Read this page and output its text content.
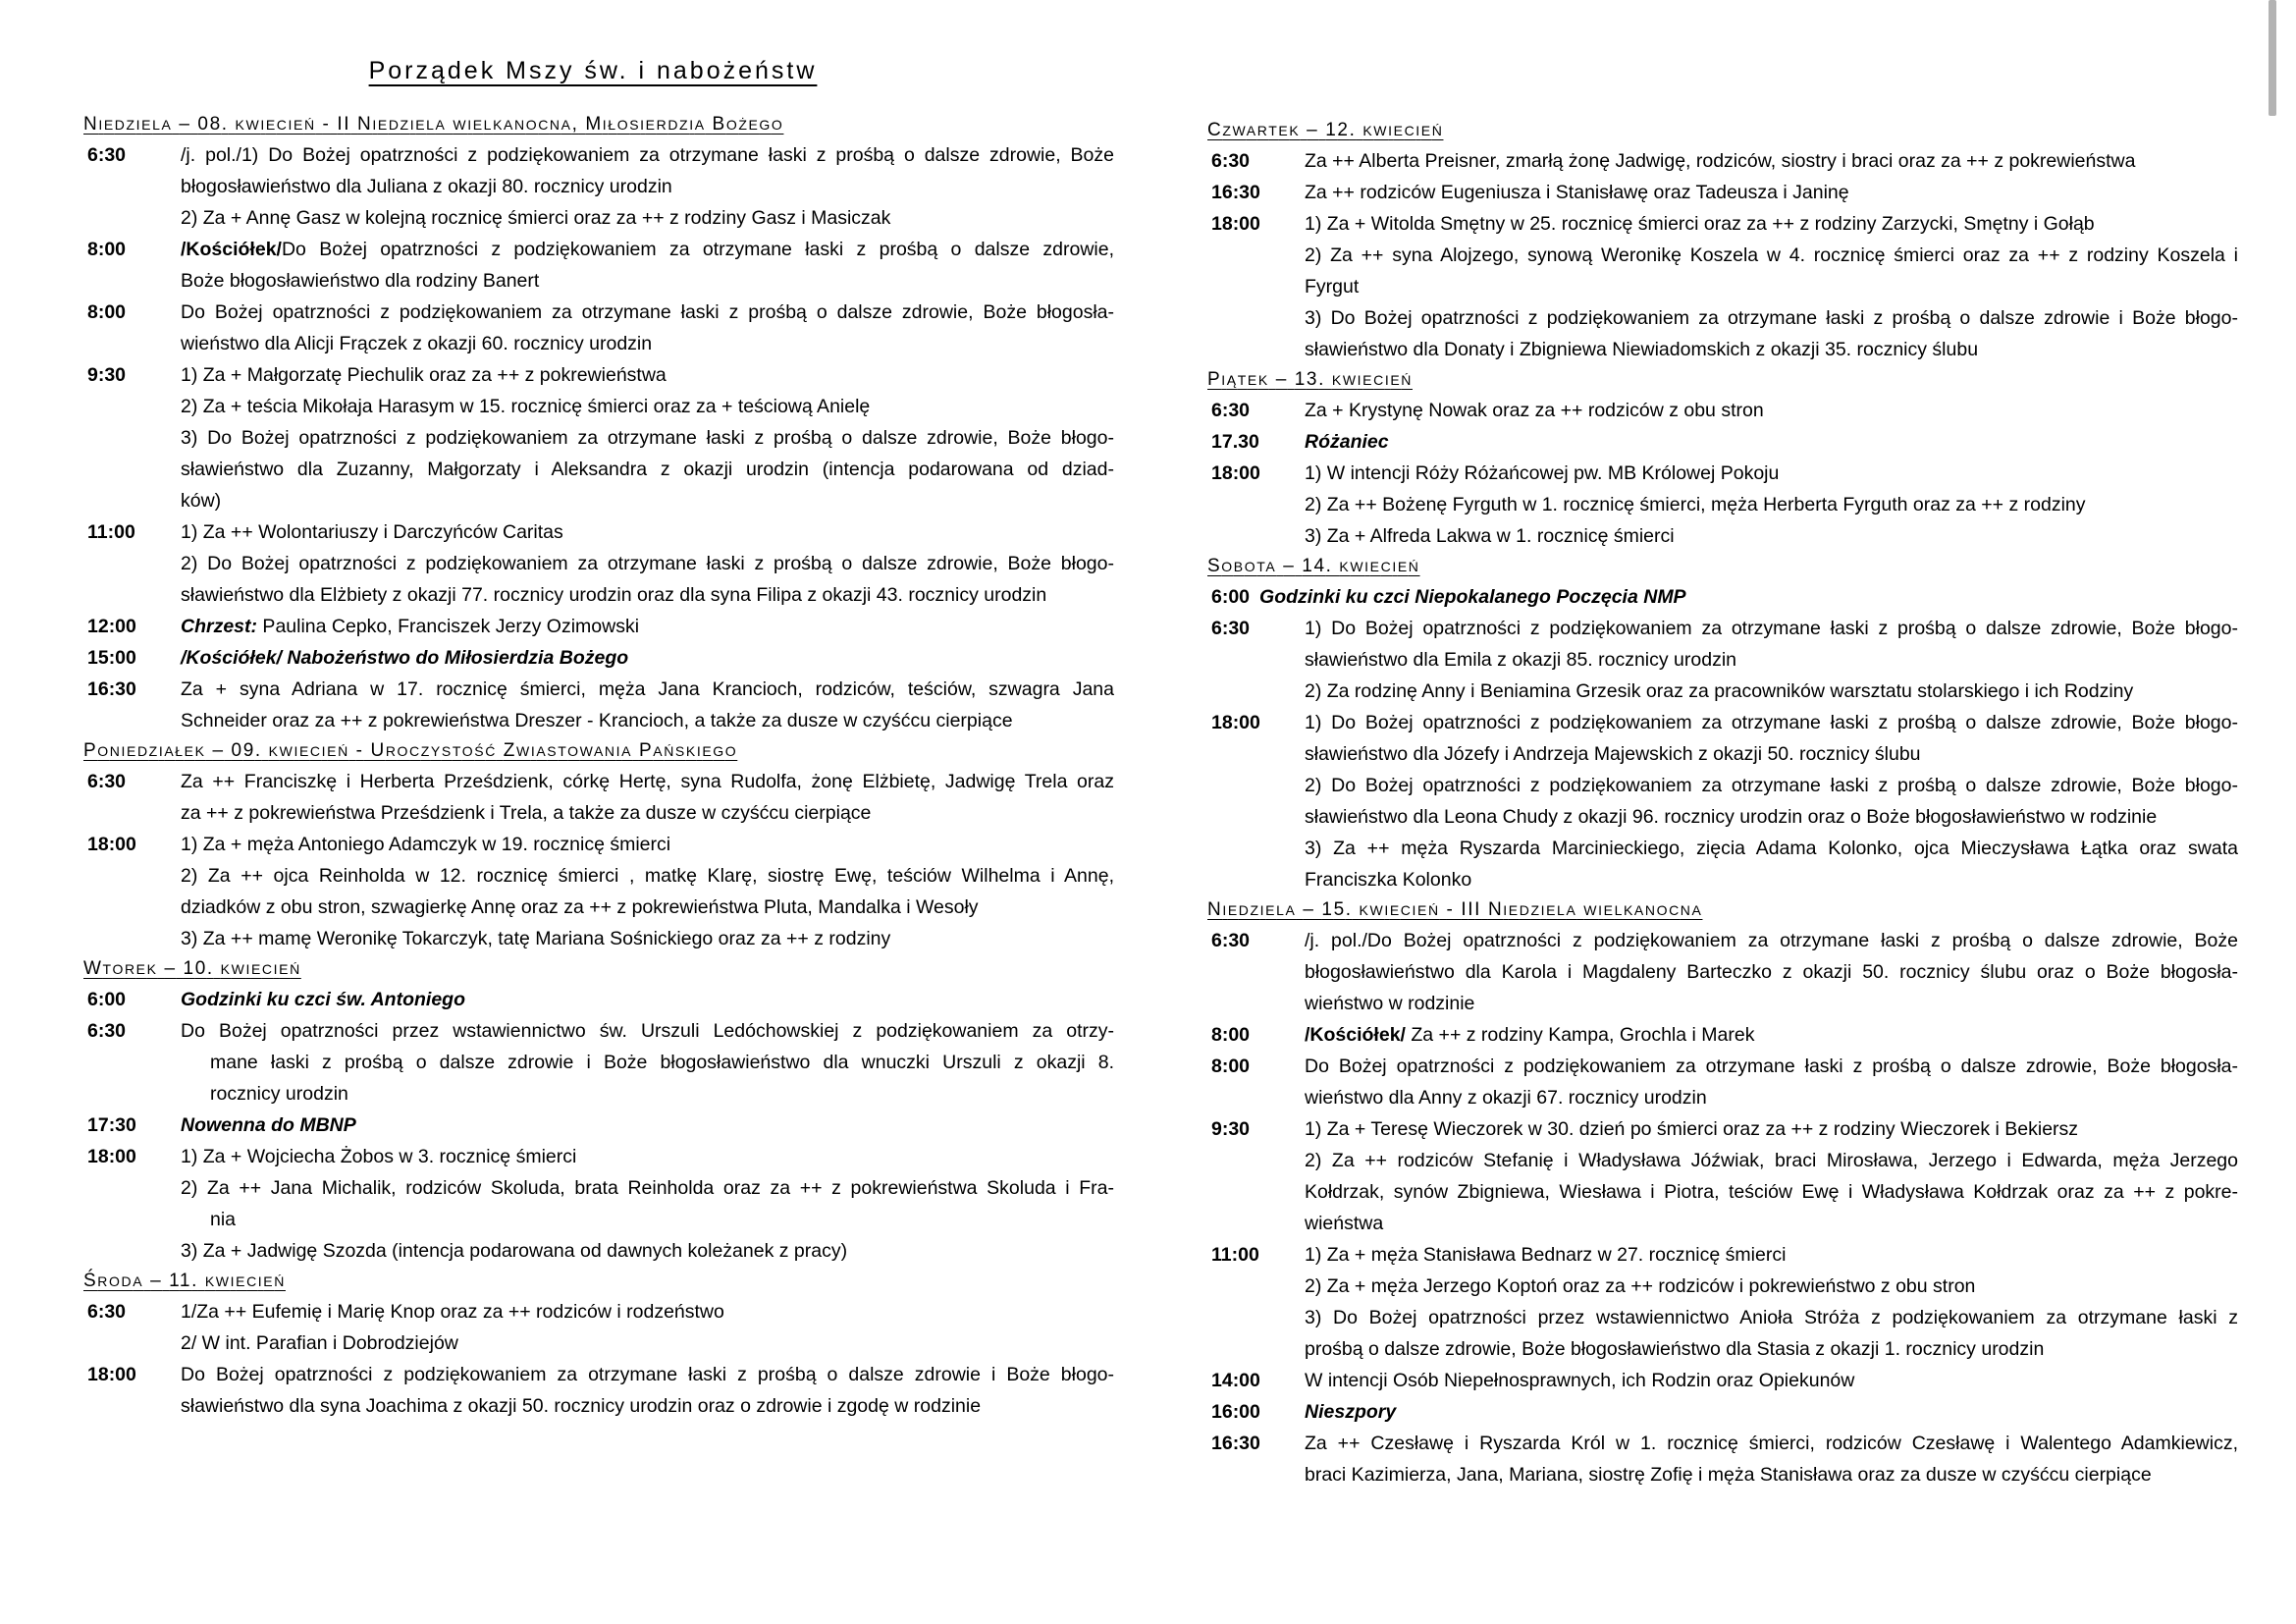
Porządek Mszy św. i nabożeństw
NIEDZIELA – 08. KWIECIEŃ - II NIEDZIELA WIELKANOCNA, MIŁOSIERDZIA BOŻEGO
6:30	/j. pol./1) Do Bożej opatrzności z podziękowaniem za otrzymane łaski z prośbą o dalsze zdrowie, Boże
błogosławieństwo dla Juliana z okazji 80. rocznicy urodzin
2) Za + Annę Gasz w kolejną rocznicę śmierci oraz za ++ z rodziny Gasz i Masiczak
8:00	/Kościółek/Do Bożej opatrzności z podziękowaniem za otrzymane łaski z prośbą o dalsze zdrowie,
Boże błogosławieństwo dla rodziny Banert
8:00	Do Bożej opatrzności z podziękowaniem za otrzymane łaski z prośbą o dalsze zdrowie, Boże błogosła-
wieństwo dla Alicji Frączek z okazji 60. rocznicy urodzin
9:30	1) Za + Małgorzatę Piechulik oraz za ++ z pokrewieństwa
2) Za + teścia Mikołaja Harasym w 15. rocznicę śmierci oraz za + teściową Anielę
3) Do Bożej opatrzności z podziękowaniem za otrzymane łaski z prośbą o dalsze zdrowie, Boże błogo-
sławieństwo dla Zuzanny, Małgorzaty i Aleksandra z okazji urodzin (intencja podarowana od dziad-
ków)
11:00	1) Za ++ Wolontariuszy i Darczyńców Caritas
2) Do Bożej opatrzności z podziękowaniem za otrzymane łaski z prośbą o dalsze zdrowie, Boże błogo-
sławieństwo dla Elżbiety z okazji 77. rocznicy urodzin oraz dla syna Filipa z okazji 43. rocznicy urodzin
12:00	Chrzest: Paulina Cepko, Franciszek Jerzy Ozimowski
15:00	/Kościółek/ Nabożeństwo do Miłosierdzia Bożego
16:30	Za + syna Adriana w 17. rocznicę śmierci, męża Jana Krancioch, rodziców, teściów, szwagra Jana
Schneider oraz za ++ z pokrewieństwa Dreszer - Krancioch, a także za dusze w czyśćcu cierpiące
PONIEDZIAŁEK – 09. KWIECIEŃ - UROCZYSTOŚĆ ZWIASTOWANIA PAŃSKIEGO
6:30	Za ++ Franciszkę i Herberta Prześdzienk, córkę Hertę, syna Rudolfa, żonę Elżbietę, Jadwigę Trela oraz
za ++ z pokrewieństwa Prześdzienk i Trela, a także za dusze w czyśćcu cierpiące
18:00	1) Za + męża Antoniego Adamczyk w 19. rocznicę śmierci
2) Za ++ ojca Reinholda w 12. rocznicę śmierci , matkę Klarę, siostrę Ewę, teściów Wilhelma i Annę,
dziadków z obu stron, szwagierkę Annę oraz za ++ z pokrewieństwa Pluta, Mandalka i Wesoły
3) Za ++ mamę Weronikę Tokarczyk, tatę Mariana Sośnickiego oraz za ++ z rodziny
WTOREK – 10. KWIECIEŃ
6:00	Godzinki ku czci św. Antoniego
6:30	Do Bożej opatrzności przez wstawiennictwo św. Urszuli Ledóchowskiej z podziękowaniem za otrzy-
mane łaski z prośbą o dalsze zdrowie i Boże błogosławieństwo dla wnuczki Urszuli z okazji 8.
rocznicy urodzin
17:30	Nowenna do MBNP
18:00	1) Za + Wojciecha Żobos w 3. rocznicę śmierci
2) Za ++ Jana Michalik, rodziców Skoluda, brata Reinholda oraz za ++ z pokrewieństwa Skoluda i Fra-
nia
3) Za + Jadwigę Szozda (intencja podarowana od dawnych koleżanek z pracy)
ŚRODA – 11. KWIECIEŃ
6:30	1/Za ++ Eufemię i Marię Knop oraz za ++ rodziców i rodzeństwo
2/ W int. Parafian i Dobrodziejów
18:00	Do Bożej opatrzności z podziękowaniem za otrzymane łaski z prośbą o dalsze zdrowie i Boże błogo-
sławieństwo dla syna Joachima z okazji 50. rocznicy urodzin oraz o zdrowie i zgodę w rodzinie
CZWARTEK – 12. KWIECIEŃ
6:30	Za ++ Alberta Preisner, zmarłą żonę Jadwigę, rodziców, siostry i braci oraz za ++ z pokrewieństwa
16:30	Za ++ rodziców Eugeniusza i Stanisławę oraz Tadeusza i Janinę
18:00	1) Za + Witolda Smętny w 25. rocznicę śmierci oraz za ++ z rodziny Zarzycki, Smętny i Gołąb
2) Za ++ syna Alojzego, synową Weronikę Koszela w 4. rocznicę śmierci oraz za ++ z rodziny Koszela i
Fyrgut
3) Do Bożej opatrzności z podziękowaniem za otrzymane łaski z prośbą o dalsze zdrowie i Boże błogo-
sławieństwo dla Donaty i Zbigniewa Niewiadomskich z okazji 35. rocznicy ślubu
PIĄTEK – 13. KWIECIEŃ
6:30	Za + Krystynę Nowak oraz za ++ rodziców z obu stron
17.30	Różaniec
18:00	1) W intencji Róży Różańcowej pw. MB Królowej Pokoju
2) Za ++ Bożenę Fyrguth w 1. rocznicę śmierci, męża Herberta Fyrguth oraz za ++ z rodziny
3) Za + Alfreda Lakwa w 1. rocznicę śmierci
SOBOTA – 14. KWIECIEŃ
6:00 Godzinki ku czci Niepokalanego Poczęcia NMP
6:30	1) Do Bożej opatrzności z podziękowaniem za otrzymane łaski z prośbą o dalsze zdrowie, Boże błogo-
sławieństwo dla Emila z okazji 85. rocznicy urodzin
2) Za rodzinę Anny i Beniamina Grzesik oraz za pracowników warsztatu stolarskiego i ich Rodziny
18:00	1) Do Bożej opatrzności z podziękowaniem za otrzymane łaski z prośbą o dalsze zdrowie, Boże błogo-
sławieństwo dla Józefy i Andrzeja Majewskich z okazji 50. rocznicy ślubu
2) Do Bożej opatrzności z podziękowaniem za otrzymane łaski z prośbą o dalsze zdrowie, Boże błogo-
sławieństwo dla Leona Chudy z okazji 96. rocznicy urodzin oraz o Boże błogosławieństwo w rodzinie
3) Za ++ męża Ryszarda Marcinieckiego, zięcia Adama Kolonko, ojca Mieczysława Łątka oraz swata
Franciszka Kolonko
NIEDZIELA – 15. KWIECIEŃ - III NIEDZIELA WIELKANOCNA
6:30	/j. pol./Do Bożej opatrzności z podziękowaniem za otrzymane łaski z prośbą o dalsze zdrowie, Boże
błogosławieństwo dla Karola i Magdaleny Barteczko z okazji 50. rocznicy ślubu oraz o Boże błogosła-
wieństwo w rodzinie
8:00	/Kościółek/ Za ++ z rodziny Kampa, Grochla i Marek
8:00	Do Bożej opatrzności z podziękowaniem za otrzymane łaski z prośbą o dalsze zdrowie, Boże błogosła-
wieństwo dla Anny z okazji 67. rocznicy urodzin
9:30	1) Za + Teresę Wieczorek w 30. dzień po śmierci oraz za ++ z rodziny Wieczorek i Bekiersz
2) Za ++ rodziców Stefanię i Władysława Jóźwiak, braci Mirosława, Jerzego i Edwarda, męża Jerzego
Kołdrzak, synów Zbigniewa, Wiesława i Piotra, teściów Ewę i Władysława Kołdrzak oraz za ++ z pokre-
wieństwa
11:00	1) Za + męża Stanisława Bednarz w 27. rocznicę śmierci
2) Za + męża Jerzego Koptoń oraz za ++ rodziców i pokrewieństwo z obu stron
3) Do Bożej opatrzności przez wstawiennictwo Anioła Stróża z podziękowaniem za otrzymane łaski z
prośbą o dalsze zdrowie, Boże błogosławieństwo dla Stasia z okazji 1. rocznicy urodzin
14:00	W intencji Osób Niepełnosprawnych, ich Rodzin oraz Opiekunów
16:00	Nieszpory
16:30	Za ++ Czesławę i Ryszarda Król w 1. rocznicę śmierci, rodziców Czesławę i Walentego Adamkiewicz,
braci Kazimierza, Jana, Mariana, siostrę Zofię i męża Stanisława oraz za dusze w czyśćcu cierpiące
